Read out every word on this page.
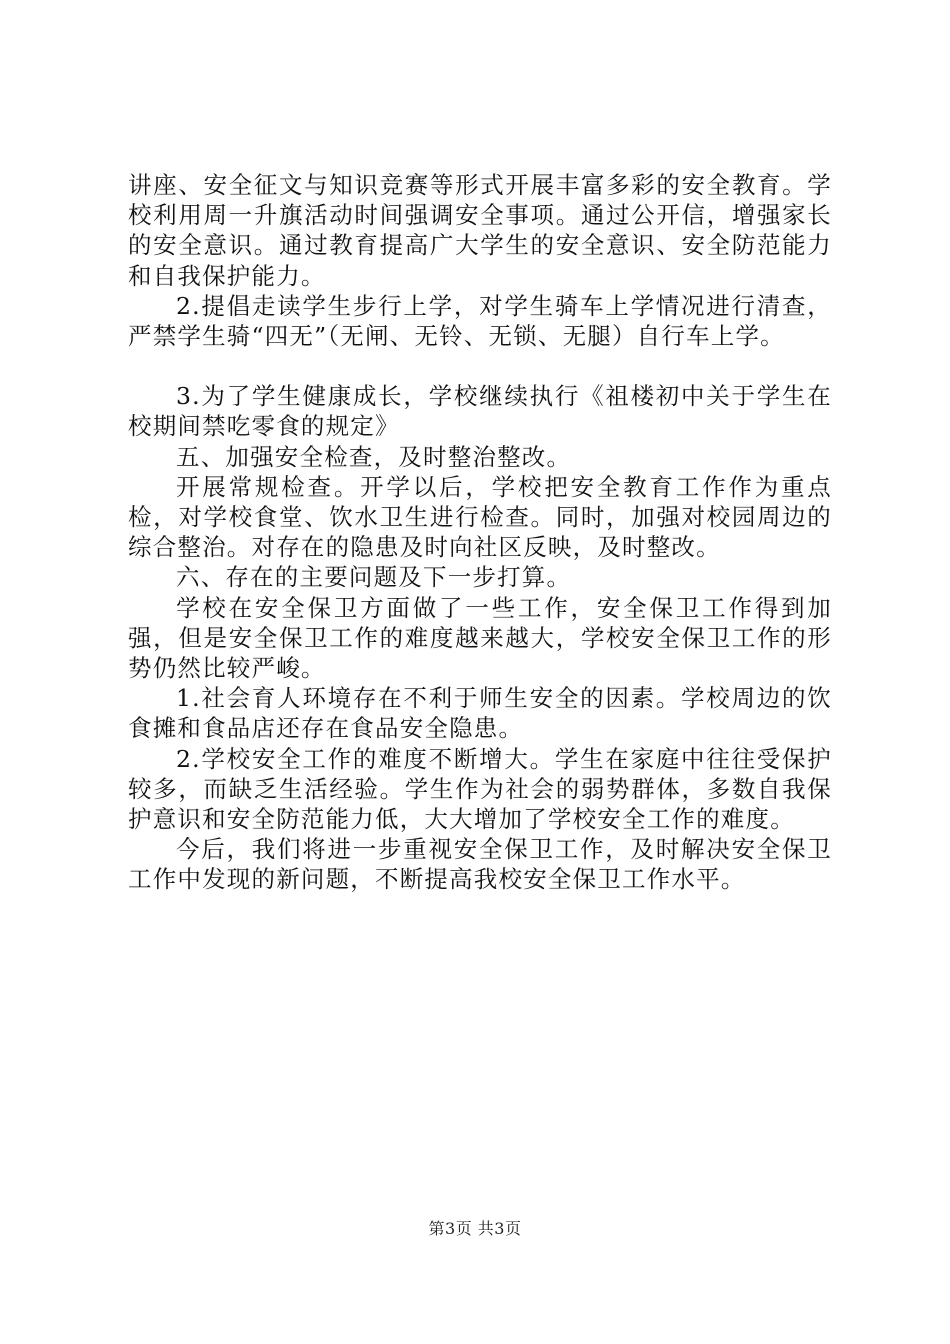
讲座、安全征文与知识竞赛等形式开展丰富多彩的安全教育。学校利用周一升旗活动时间强调安全事项。通过公开信，增强家长的安全意识。通过教育提高广大学生的安全意识、安全防范能力和自我保护能力。

2.提倡走读学生步行上学，对学生骑车上学情况进行清查，严禁学生骑“四无”（无闸、无铃、无锁、无腿）自行车上学。

3.为了学生健康成长，学校继续执行《祖楼初中关于学生在校期间禁吃零食的规定》

五、加强安全检查，及时整治整改。

开展常规检查。开学以后，学校把安全教育工作作为重点检，对学校食堂、饮水卫生进行检查。同时，加强对校园周边的综合整治。对存在的隐患及时向社区反映，及时整改。

六、存在的主要问题及下一步打算。

学校在安全保卫方面做了一些工作，安全保卫工作得到加强，但是安全保卫工作的难度越来越大，学校安全保卫工作的形势仍然比较严峻。

1.社会育人环境存在不利于师生安全的因素。学校周边的饮食摊和食品店还存在食品安全隐患。

2.学校安全工作的难度不断增大。学生在家庭中往往受保护较多，而缺乏生活经验。学生作为社会的弱势群体，多数自我保护意识和安全防范能力低，大大增加了学校安全工作的难度。

今后，我们将进一步重视安全保卫工作，及时解决安全保卫工作中发现的新问题，不断提高我校安全保卫工作水平。

第3页 共3页
